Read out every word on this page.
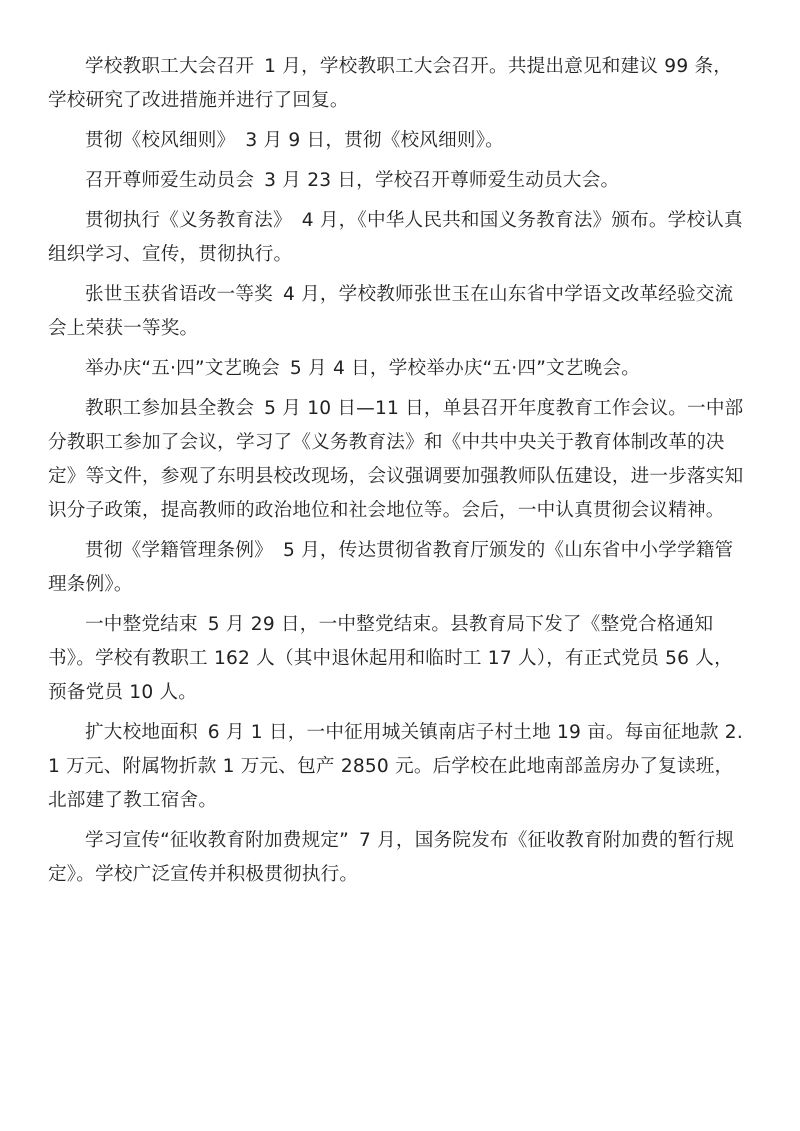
学校教职工大会召开 1 月，学校教职工大会召开。共提出意见和建议 99 条，学校研究了改进措施并进行了回复。

贯彻《校风细则》 3 月 9 日，贯彻《校风细则》。

召开尊师爱生动员会 3 月 23 日，学校召开尊师爱生动员大会。

贯彻执行《义务教育法》 4 月，《中华人民共和国义务教育法》颁布。学校认真组织学习、宣传，贯彻执行。

张世玉获省语改一等奖 4 月，学校教师张世玉在山东省中学语文改革经验交流会上荣获一等奖。

举办庆“五·四”文艺晚会 5 月 4 日，学校举办庆“五·四”文艺晚会。

教职工参加县全教会 5 月 10 日—11 日，单县召开年度教育工作会议。一中部分教职工参加了会议，学习了《义务教育法》和《中共中央关于教育体制改革的决定》等文件，参观了东明县校改现场，会议强调要加强教师队伍建设，进一步落实知识分子政策，提高教师的政治地位和社会地位等。会后，一中认真贯彻会议精神。

贯彻《学籍管理条例》 5 月，传达贯彻省教育厅颁发的《山东省中小学学籍管理条例》。

一中整党结束 5 月 29 日，一中整党结束。县教育局下发了《整党合格通知书》。学校有教职工 162 人（其中退休起用和临时工 17 人），有正式党员 56 人，预备党员 10 人。

扩大校地面积 6 月 1 日，一中征用城关镇南店子村土地 19 亩。每亩征地款 2.1 万元、附属物折款 1 万元、包产 2850 元。后学校在此地南部盖房办了复读班，北部建了教工宿舍。

学习宣传“征收教育附加费规定” 7 月，国务院发布《征收教育附加费的暂行规定》。学校广泛宣传并积极贯彻执行。
